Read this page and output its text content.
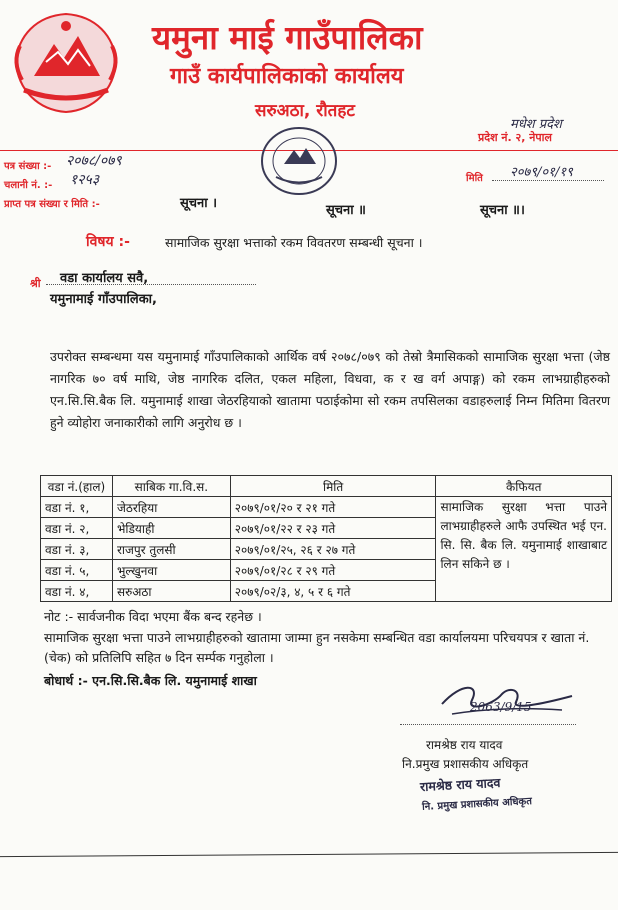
यमुना माई गाउँपालिका
गाउँ कार्यपालिकाको कार्यालय
सरुअठा, रौतहट
प्रदेश नं. २, नेपाल
मधेश प्रदेश
पत्र संख्या :- २०७८/०७९
चलानी नं. :- १२५३
प्राप्त पत्र संख्या र मिति :-
मिति २०७९/०१/१९
सूचना ।	सूचना ॥	सूचना ॥।
विषय :-	सामाजिक सुरक्षा भत्ताको रकम विवतरण सम्बन्धी सूचना ।
श्री वडा कार्यालय सवै,
यमुनामाई गाँउपालिका,
उपरोक्त सम्बन्धमा यस यमुनामाई गाँउपालिकाको आर्थिक वर्ष २०७८/०७९ को तेस्रो त्रैमासिकको सामाजिक सुरक्षा भत्ता (जेष्ठ नागरिक ७० वर्ष माथि, जेष्ठ नागरिक दलित, एकल महिला, विधवा, क र ख वर्ग अपाङ्ग) को रकम लाभग्राहीहरुको एन.सि.सि.बैक लि. यमुनामाई शाखा जेठरहियाको खातामा पठाईकोमा सो रकम तपसिलका वडाहरुलाई निम्न मितिमा वितरण हुने व्योहोरा जनाकारीको लागि अनुरोध छ ।
वडा नं.(हाल)	साबिक गा.वि.स.	मिति	कैफियत
वडा नं. १,	जेठरहिया	२०७९/०१/२० र २१ गते	सामाजिक सुरक्षा भत्ता पाउने लाभग्राहीहरुले आफै उपस्थित भई एन. सि. सि. बैक लि. यमुनामाई शाखाबाट लिन सकिने छ ।
वडा नं. २,	भेडियाही	२०७९/०१/२२ र २३ गते	
वडा नं. ३,	राजपुर तुलसी	२०७९/०१/२५, २६ र २७ गते	
वडा नं. ५,	भुल्खुनवा	२०७९/०१/२८ र २९ गते	
वडा नं. ४,	सरुअठा	२०७९/०२/३, ४, ५ र ६ गते	
नोट :- सार्वजनीक विदा भएमा बैंक बन्द रहनेछ ।
सामाजिक सुरक्षा भत्ता पाउने लाभग्राहीहरुको खातामा जाम्मा हुन नसकेमा सम्बन्धित वडा कार्यालयमा परिचयपत्र र खाता नं.(चेक) को प्रतिलिपि सहित ७ दिन सर्म्पक गनुहोला ।
बोधार्थ :- एन.सि.सि.बैक लि. यमुनामाई शाखा
2063/9/15
रामश्रेष्ठ राय यादव
नि.प्रमुख प्रशासकीय अधिकृत
रामश्रेष्ठ राय यादव
नि. प्रमुख प्रशासकीय अधिकृत
